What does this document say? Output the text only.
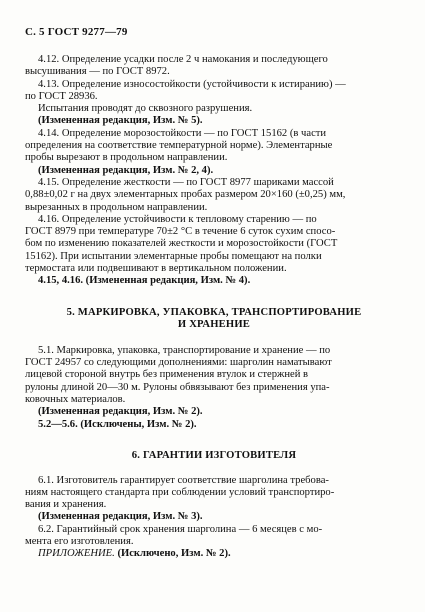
С. 5 ГОСТ 9277—79

4.12. Определение усадки после 2 ч намокания и последующего

высушивания — по ГОСТ 8972.

4.13. Определение износостойкости (устойчивости к истиранию) —

по ГОСТ 28936.

Испытания проводят до сквозного разрушения.

(Измененная редакция, Изм. № 5).

4.14. Определение морозостойкости — по ГОСТ 15162 (в части

определения на соответствие температурной норме). Элементарные

пробы вырезают в продольном направлении.

(Измененная редакция, Изм. № 2, 4).

4.15. Определение жесткости — по ГОСТ 8977 шариками массой

0,88±0,02 г на двух элементарных пробах размером 20×160 (±0,25) мм,

вырезанных в продольном направлении.

4.16. Определение устойчивости к тепловому старению — по

ГОСТ 8979 при температуре 70±2 °С в течение 6 суток сухим спосо-

бом по изменению показателей жесткости и морозостойкости (ГОСТ

15162). При испытании элементарные пробы помещают на полки

термостата или подвешивают в вертикальном положении.

4.15, 4.16. (Измененная редакция, Изм. № 4).

5. МАРКИРОВКА, УПАКОВКА, ТРАНСПОРТИРОВАНИЕ
И ХРАНЕНИЕ

5.1. Маркировка, упаковка, транспортирование и хранение — по

ГОСТ 24957 со следующими дополнениями: шарголин наматывают

лицевой стороной внутрь без применения втулок и стержней в

рулоны длиной 20—30 м. Рулоны обвязывают без применения упа-

ковочных материалов.

(Измененная редакция, Изм. № 2).

5.2—5.6. (Исключены, Изм. № 2).

6. ГАРАНТИИ ИЗГОТОВИТЕЛЯ

6.1. Изготовитель гарантирует соответствие шарголина требова-

ниям настоящего стандарта при соблюдении условий транспортиро-

вания и хранения.

(Измененная редакция, Изм. № 3).

6.2. Гарантийный срок хранения шарголина — 6 месяцев с мо-

мента его изготовления.

ПРИЛОЖЕНИЕ. (Исключено, Изм. № 2).
